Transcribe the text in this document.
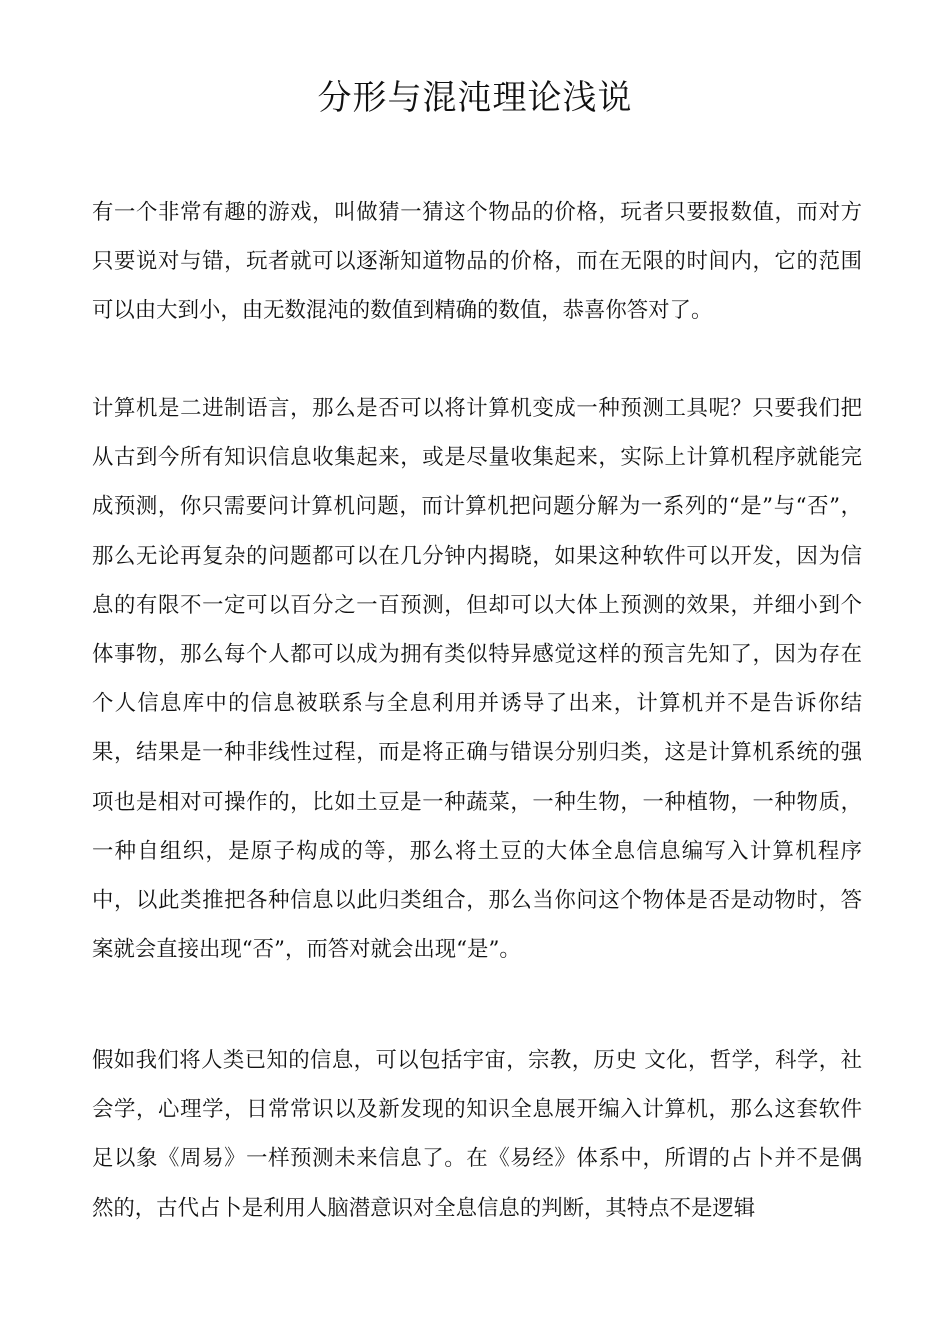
分形与混沌理论浅说

有一个非常有趣的游戏，叫做猜一猜这个物品的价格，玩者只要报数值，而对方只要说对与错，玩者就可以逐渐知道物品的价格，而在无限的时间内，它的范围可以由大到小，由无数混沌的数值到精确的数值，恭喜你答对了。

计算机是二进制语言，那么是否可以将计算机变成一种预测工具呢？只要我们把从古到今所有知识信息收集起来，或是尽量收集起来，实际上计算机程序就能完成预测，你只需要问计算机问题，而计算机把问题分解为一系列的“是”与“否”，那么无论再复杂的问题都可以在几分钟内揭晓，如果这种软件可以开发，因为信息的有限不一定可以百分之一百预测，但却可以大体上预测的效果，并细小到个体事物，那么每个人都可以成为拥有类似特异感觉这样的预言先知了，因为存在个人信息库中的信息被联系与全息利用并诱导了出来，计算机并不是告诉你结果，结果是一种非线性过程，而是将正确与错误分别归类，这是计算机系统的强项也是相对可操作的，比如土豆是一种蔬菜，一种生物，一种植物，一种物质，一种自组织，是原子构成的等，那么将土豆的大体全息信息编写入计算机程序中，以此类推把各种信息以此归类组合，那么当你问这个物体是否是动物时，答案就会直接出现“否”，而答对就会出现“是”。

假如我们将人类已知的信息，可以包括宇宙，宗教，历史 文化，哲学，科学，社会学，心理学，日常常识以及新发现的知识全息展开编入计算机，那么这套软件足以象《周易》一样预测未来信息了。在《易经》体系中，所谓的占卜并不是偶然的，古代占卜是利用人脑潜意识对全息信息的判断，其特点不是逻辑
